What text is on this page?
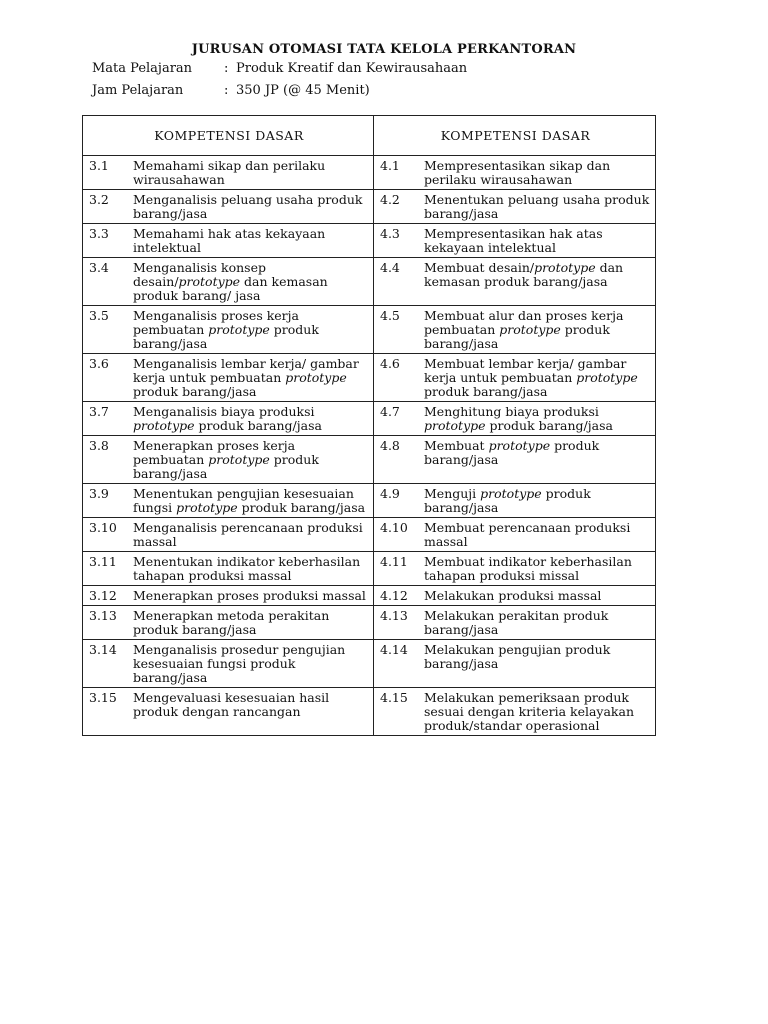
JURUSAN OTOMASI TATA KELOLA PERKANTORAN
Mata Pelajaran	: Produk Kreatif dan Kewirausahaan
Jam Pelajaran	: 350 JP (@ 45 Menit)
KOMPETENSI DASAR	KOMPETENSI DASAR

3.1 Memahami sikap dan perilaku wirausahawan	4.1 Mempresentasikan sikap dan perilaku wirausahawan

3.2 Menganalisis peluang usaha produk barang/jasa	4.2 Menentukan peluang usaha produk barang/jasa

3.3 Memahami hak atas kekayaan intelektual	4.3 Mempresentasikan hak atas kekayaan intelektual

3.4 Menganalisis konsep desain/prototype dan kemasan produk barang/ jasa	4.4 Membuat desain/prototype dan kemasan produk barang/jasa

3.5 Menganalisis proses kerja pembuatan prototype produk barang/jasa	4.5 Membuat alur dan proses kerja pembuatan prototype produk barang/jasa

3.6 Menganalisis lembar kerja/ gambar kerja untuk pembuatan prototype produk barang/jasa	4.6 Membuat lembar kerja/ gambar kerja untuk pembuatan prototype produk barang/jasa

3.7 Menganalisis biaya produksi prototype produk barang/jasa	4.7 Menghitung biaya produksi prototype produk barang/jasa

3.8 Menerapkan proses kerja pembuatan prototype produk barang/jasa	4.8 Membuat prototype produk barang/jasa

3.9 Menentukan pengujian kesesuaian fungsi prototype produk barang/jasa	4.9 Menguji prototype produk barang/jasa

3.10 Menganalisis perencanaan produksi massal	4.10 Membuat perencanaan produksi massal

3.11 Menentukan indikator keberhasilan tahapan produksi massal	4.11 Membuat indikator keberhasilan tahapan produksi missal

3.12 Menerapkan proses produksi massal	4.12 Melakukan produksi massal

3.13 Menerapkan metoda perakitan produk barang/jasa	4.13 Melakukan perakitan produk barang/jasa

3.14 Menganalisis prosedur pengujian kesesuaian fungsi produk barang/jasa	4.14 Melakukan pengujian produk barang/jasa

3.15 Mengevaluasi kesesuaian hasil produk dengan rancangan	4.15 Melakukan pemeriksaan produk sesuai dengan kriteria kelayakan produk/standar operasional
